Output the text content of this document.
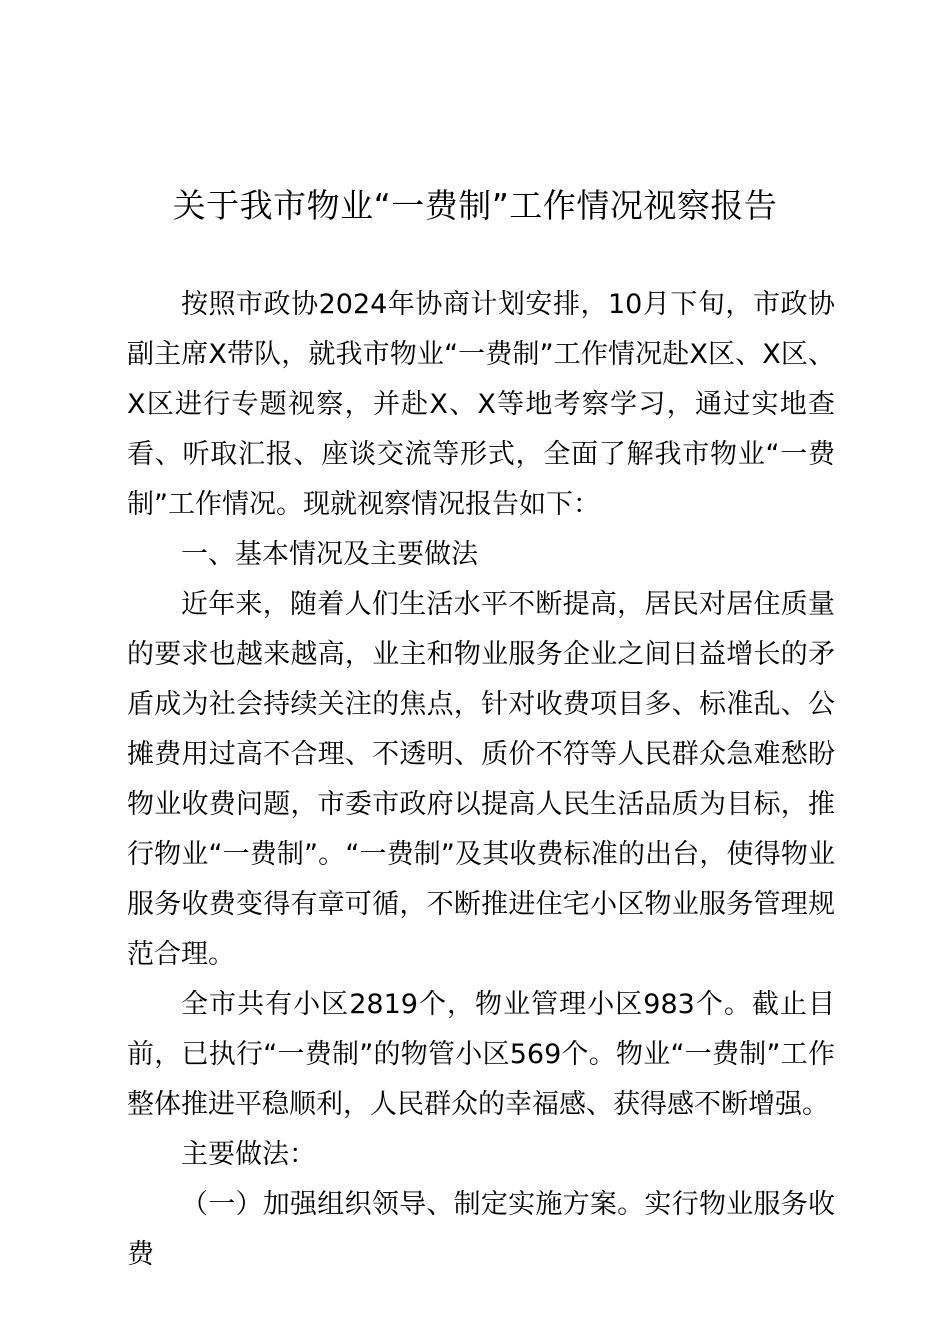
关于我市物业“一费制”工作情况视察报告

按照市政协2024年协商计划安排，10月下旬，市政协副主席X带队，就我市物业“一费制”工作情况赴X区、X区、X区进行专题视察，并赴X、X等地考察学习，通过实地查看、听取汇报、座谈交流等形式，全面了解我市物业“一费制”工作情况。现就视察情况报告如下：

一、基本情况及主要做法

近年来，随着人们生活水平不断提高，居民对居住质量的要求也越来越高，业主和物业服务企业之间日益增长的矛盾成为社会持续关注的焦点，针对收费项目多、标准乱、公摊费用过高不合理、不透明、质价不符等人民群众急难愁盼物业收费问题，市委市政府以提高人民生活品质为目标，推行物业“一费制”。“一费制”及其收费标准的出台，使得物业服务收费变得有章可循，不断推进住宅小区物业服务管理规范合理。

全市共有小区2819个，物业管理小区983个。截止目前，已执行“一费制”的物管小区569个。物业“一费制”工作整体推进平稳顺利，人民群众的幸福感、获得感不断增强。

主要做法：

（一）加强组织领导、制定实施方案。实行物业服务收费
